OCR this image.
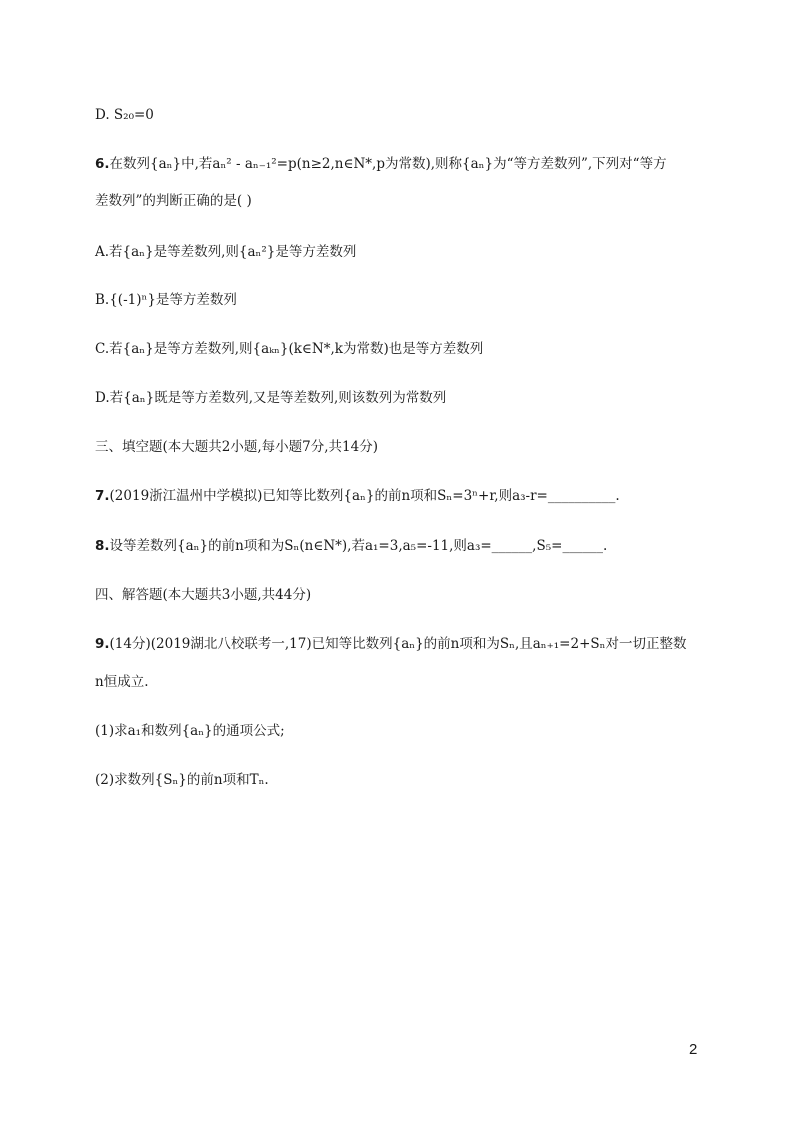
D. S₂₀=0
6.在数列{aₙ}中,若aₙ² - aₙ₋₁²=p(n≥2,n∈N*,p为常数),则称{aₙ}为“等方差数列”,下列对“等方
差数列”的判断正确的是( )
A.若{aₙ}是等差数列,则{aₙ²}是等方差数列
B.{(-1)ⁿ}是等方差数列
C.若{aₙ}是等方差数列,则{aₖₙ}(k∈N*,k为常数)也是等方差数列
D.若{aₙ}既是等方差数列,又是等差数列,则该数列为常数列
三、填空题(本大题共2小题,每小题7分,共14分)
7.(2019浙江温州中学模拟)已知等比数列{aₙ}的前n项和Sₙ=3ⁿ+r,则a₃-r=__________.
8.设等差数列{aₙ}的前n项和为Sₙ(n∈N*),若a₁=3,a₅=-11,则a₃=______,S₅=______.
四、解答题(本大题共3小题,共44分)
9.(14分)(2019湖北八校联考一,17)已知等比数列{aₙ}的前n项和为Sₙ,且aₙ₊₁=2+Sₙ对一切正整数
n恒成立.
(1)求a₁和数列{aₙ}的通项公式;
(2)求数列{Sₙ}的前n项和Tₙ.
2
